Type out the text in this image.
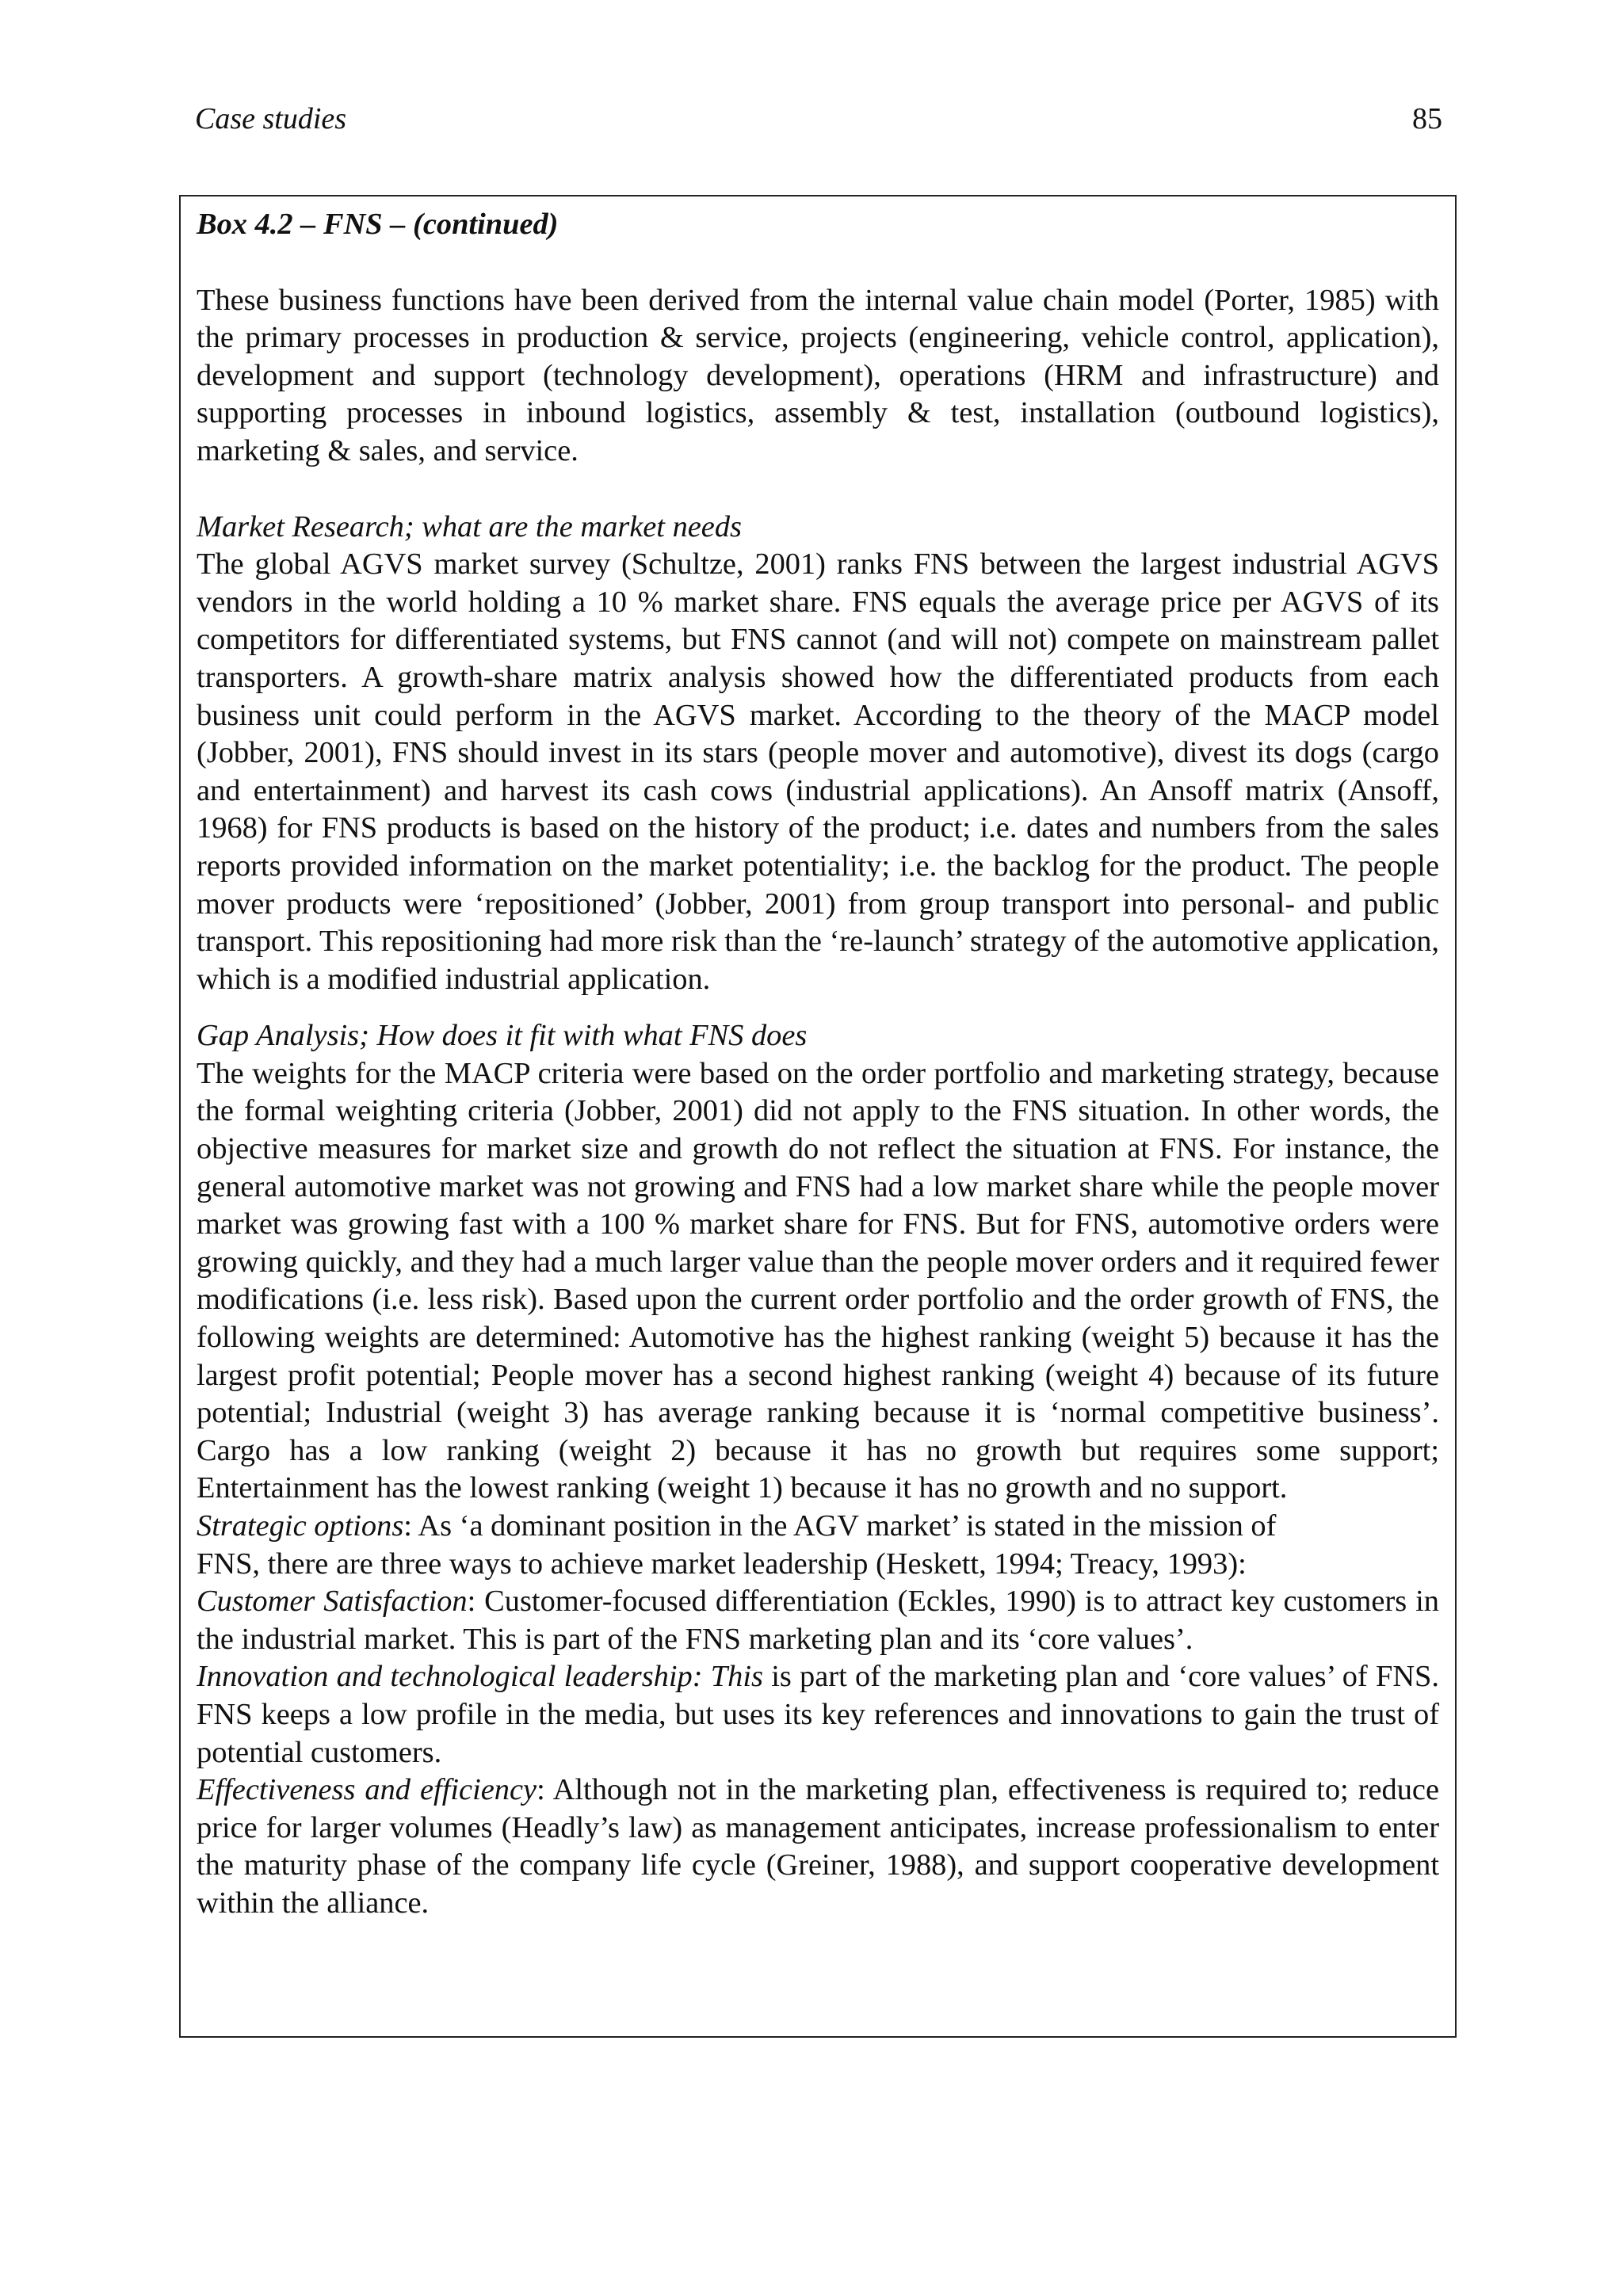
Case studies	85

Box 4.2 – FNS – (continued)

These business functions have been derived from the internal value chain model (Porter, 1985) with the primary processes in production & service, projects (engineering, vehicle control, application), development and support (technology development), operations (HRM and infrastructure) and supporting processes in inbound logistics, assembly & test, installation (outbound logistics), marketing & sales, and service.

Market Research; what are the market needs

The global AGVS market survey (Schultze, 2001) ranks FNS between the largest industrial AGVS vendors in the world holding a 10 % market share. FNS equals the average price per AGVS of its competitors for differentiated systems, but FNS cannot (and will not) compete on mainstream pallet transporters. A growth-share matrix analysis showed how the differentiated products from each business unit could perform in the AGVS market. According to the theory of the MACP model (Jobber, 2001), FNS should invest in its stars (people mover and automotive), divest its dogs (cargo and entertainment) and harvest its cash cows (industrial applications). An Ansoff matrix (Ansoff, 1968) for FNS products is based on the history of the product; i.e. dates and numbers from the sales reports provided information on the market potentiality; i.e. the backlog for the product. The people mover products were ‘repositioned’ (Jobber, 2001) from group transport into personal- and public transport. This repositioning had more risk than the ‘re-launch’ strategy of the automotive application, which is a modified industrial application.

Gap Analysis; How does it fit with what FNS does

The weights for the MACP criteria were based on the order portfolio and marketing strategy, because the formal weighting criteria (Jobber, 2001) did not apply to the FNS situation. In other words, the objective measures for market size and growth do not reflect the situation at FNS. For instance, the general automotive market was not growing and FNS had a low market share while the people mover market was growing fast with a 100 % market share for FNS. But for FNS, automotive orders were growing quickly, and they had a much larger value than the people mover orders and it required fewer modifications (i.e. less risk). Based upon the current order portfolio and the order growth of FNS, the following weights are determined: Automotive has the highest ranking (weight 5) because it has the largest profit potential; People mover has a second highest ranking (weight 4) because of its future potential; Industrial (weight 3) has average ranking because it is ‘normal competitive business’. Cargo has a low ranking (weight 2) because it has no growth but requires some support; Entertainment has the lowest ranking (weight 1) because it has no growth and no support.

Strategic options: As ‘a dominant position in the AGV market’ is stated in the mission of
FNS, there are three ways to achieve market leadership (Heskett, 1994; Treacy, 1993):

Customer Satisfaction: Customer-focused differentiation (Eckles, 1990) is to attract key customers in the industrial market. This is part of the FNS marketing plan and its ‘core values’.

Innovation and technological leadership: This is part of the marketing plan and ‘core values’ of FNS. FNS keeps a low profile in the media, but uses its key references and innovations to gain the trust of potential customers.

Effectiveness and efficiency: Although not in the marketing plan, effectiveness is required to; reduce price for larger volumes (Headly’s law) as management anticipates, increase professionalism to enter the maturity phase of the company life cycle (Greiner, 1988), and support cooperative development within the alliance.
